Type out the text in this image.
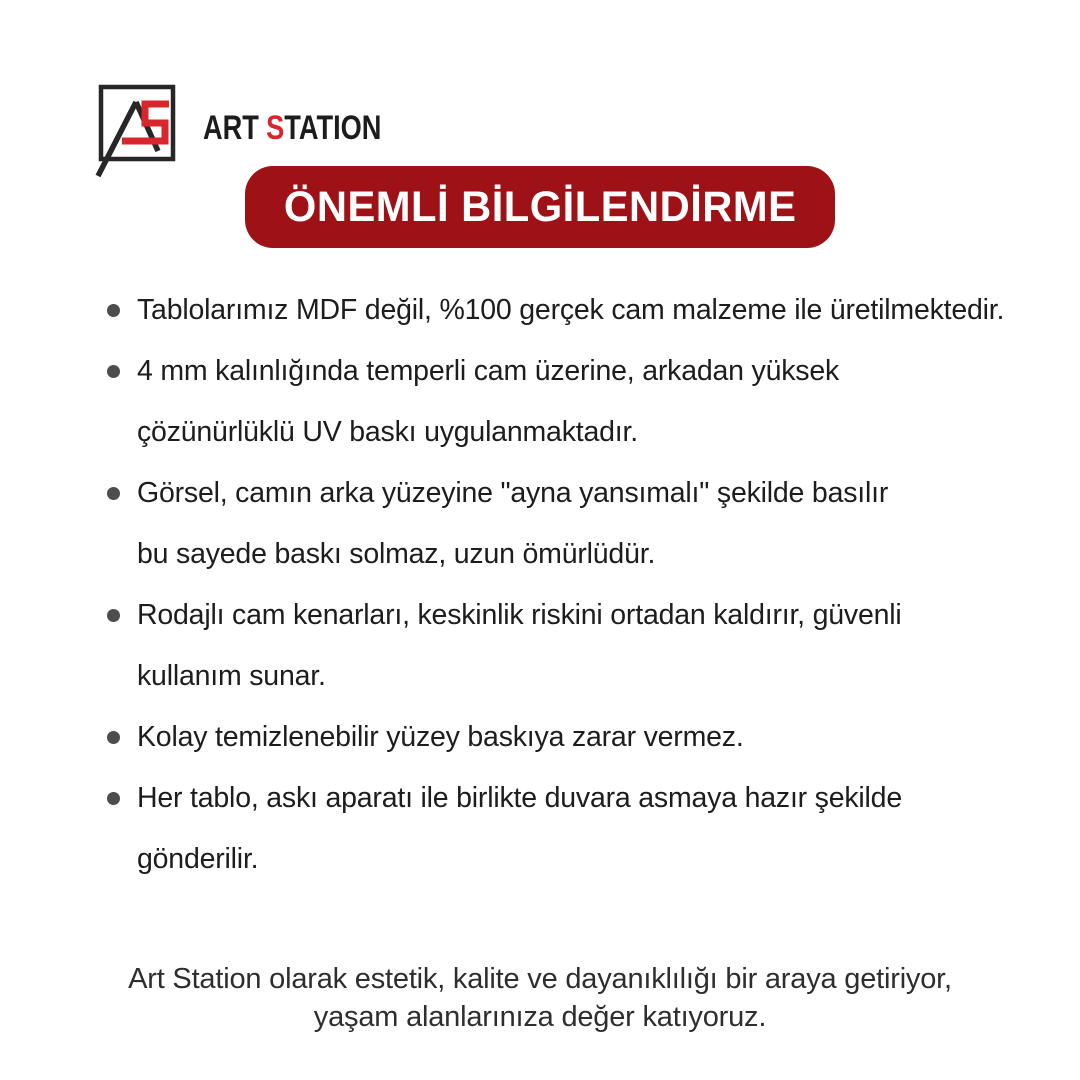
ART STATION
ÖNEMLİ BİLGİLENDİRME
Tablolarımız MDF değil, %100 gerçek cam malzeme ile üretilmektedir.
4 mm kalınlığında temperli cam üzerine, arkadan yüksek
çözünürlüklü UV baskı uygulanmaktadır.
Görsel, camın arka yüzeyine "ayna yansımalı" şekilde basılır
bu sayede baskı solmaz, uzun ömürlüdür.
Rodajlı cam kenarları, keskinlik riskini ortadan kaldırır, güvenli
kullanım sunar.
Kolay temizlenebilir yüzey baskıya zarar vermez.
Her tablo, askı aparatı ile birlikte duvara asmaya hazır şekilde
gönderilir.
Art Station olarak estetik, kalite ve dayanıklılığı bir araya getiriyor,
yaşam alanlarınıza değer katıyoruz.
